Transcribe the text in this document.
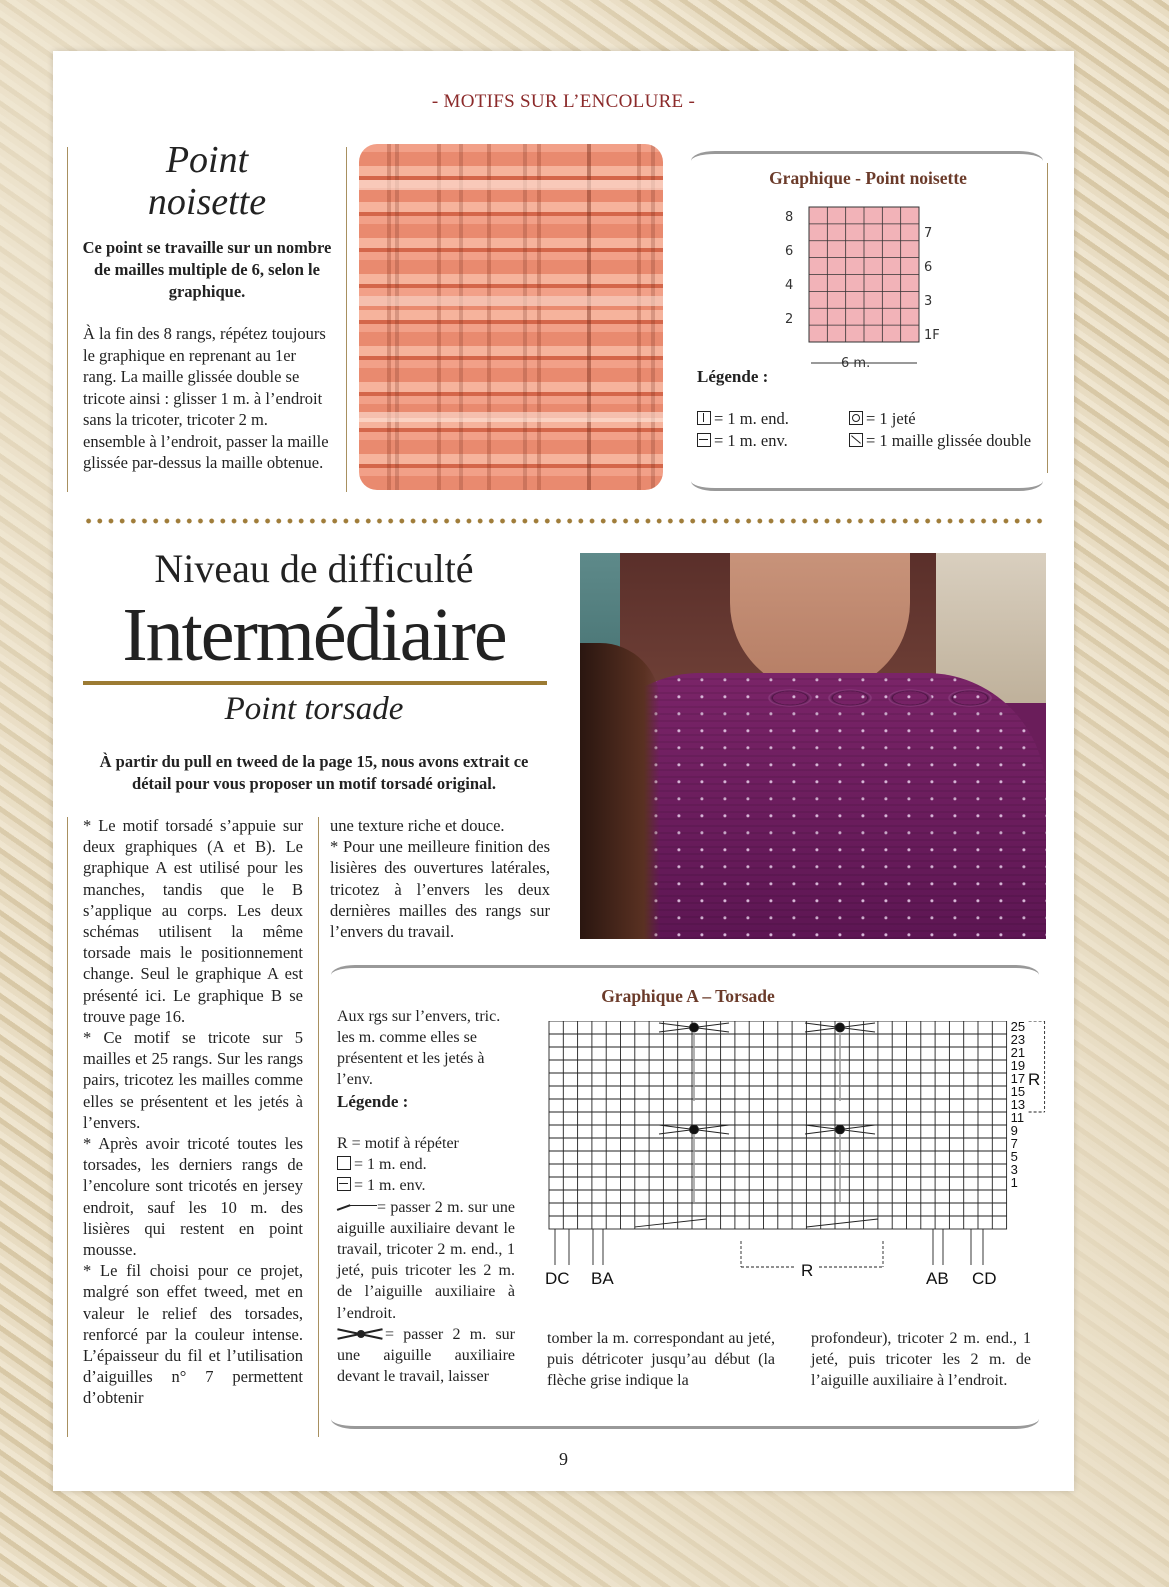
- MOTIFS SUR L’ENCOLURE -
Point
noisette
Ce point se travaille sur un nombre de mailles multiple de 6, selon le graphique.
À la fin des 8 rangs, répétez toujours le graphique en reprenant au 1er rang. La maille glissée double se tricote ainsi : glisser 1 m. à l’endroit sans la tricoter, tricoter 2 m. ensemble à l’endroit, passer la maille glissée par-dessus la maille obtenue.
Graphique - Point noisette
8
6
4
2
7
6
3
1F
6 m.
Légende :
= 1 m. end.
= 1 m. env.
= 1 jeté
= 1 maille glissée double
Niveau de difficulté
Intermédiaire
Point torsade
À partir du pull en tweed de la page 15, nous avons extrait ce détail pour vous proposer un motif torsadé original.

* Le motif torsadé s’appuie sur deux graphiques (A et B). Le graphique A est utilisé pour les manches, tandis que le B s’applique au corps. Les deux schémas utilisent la même torsade mais le positionnement change. Seul le graphique A est présenté ici. Le graphique B se trouve page 16.

* Ce motif se tricote sur 5 mailles et 25 rangs. Sur les rangs pairs, tricotez les mailles comme elles se présentent et les jetés à l’envers.

* Après avoir tricoté toutes les torsades, les derniers rangs de l’encolure sont tricotés en jersey endroit, sauf les 10 m. des lisières qui restent en point mousse.

* Le fil choisi pour ce projet, malgré son effet tweed, met en valeur le relief des torsades, renforcé par la couleur intense. L’épaisseur du fil et l’utilisation d’aiguilles n° 7 permettent d’obtenir

une texture riche et douce.

* Pour une meilleure finition des lisières des ouvertures latérales, tricotez à l’envers les deux dernières mailles des rangs sur l’envers du travail.

Graphique A – Torsade
Aux rgs sur l’envers, tric. les m. comme elles se présentent et les jetés à l’env.
Légende :
R = motif à répéter
= 1 m. end.
= 1 m. env.
= passer 2 m. sur une aiguille auxiliaire devant le travail, tricoter 2 m. end., 1 jeté, puis tricoter les 2 m. de l’aiguille auxiliaire à l’endroit.
= passer 2 m. sur une aiguille auxiliaire devant le travail, laisser
tomber la m. correspondant au jeté, puis détricoter jusqu’au début (la flèche grise indique la
profondeur), tricoter 2 m. end., 1 jeté, puis tricoter les 2 m. de l’aiguille auxiliaire à l’endroit.
25
23
21
19
17
15
13
11
9
7
5
3
1
DC BA	R	AB CD
R
9
